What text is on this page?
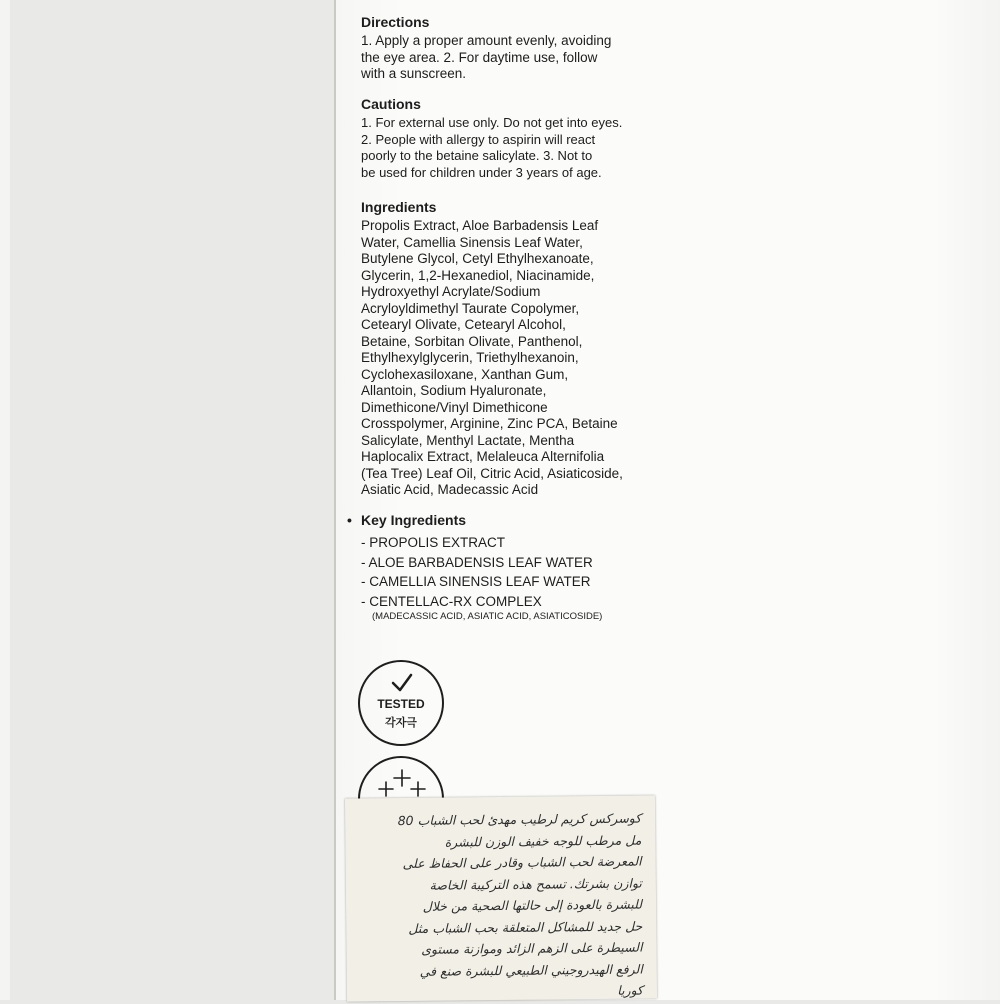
Directions

1. Apply a proper amount evenly, avoiding
the eye area. 2. For daytime use, follow
with a sunscreen.

Cautions

1. For external use only. Do not get into eyes.
2. People with allergy to aspirin will react
poorly to the betaine salicylate. 3. Not to
be used for children under 3 years of age.

Ingredients

Propolis Extract, Aloe Barbadensis Leaf
Water, Camellia Sinensis Leaf Water,
Butylene Glycol, Cetyl Ethylhexanoate,
Glycerin, 1,2-Hexanediol, Niacinamide,
Hydroxyethyl Acrylate/Sodium
Acryloyldimethyl Taurate Copolymer,
Cetearyl Olivate, Cetearyl Alcohol,
Betaine, Sorbitan Olivate, Panthenol,
Ethylhexylglycerin, Triethylhexanoin,
Cyclohexasiloxane, Xanthan Gum,
Allantoin, Sodium Hyaluronate,
Dimethicone/Vinyl Dimethicone
Crosspolymer, Arginine, Zinc PCA, Betaine
Salicylate, Menthyl Lactate, Mentha
Haplocalix Extract, Melaleuca Alternifolia
(Tea Tree) Leaf Oil, Citric Acid, Asiaticoside,
Asiatic Acid, Madecassic Acid

• Key Ingredients

- PROPOLIS EXTRACT
- ALOE BARBADENSIS LEAF WATER
- CAMELLIA SINENSIS LEAF WATER
- CENTELLAC-RX COMPLEX

(MADECASSIC ACID, ASIATIC ACID, ASIATICOSIDE)

TESTED
각자극
كوسركس كريم لرطيب مهدئ لحب الشباب 80
مل مرطب للوجه خفيف الوزن للبشرة
المعرضة لحب الشباب وقادر على الحفاظ على
توازن بشرتك. تسمح هذه التركيبة الخاصة
للبشرة بالعودة إلى حالتها الصحية من خلال
حل جديد للمشاكل المتعلقة بحب الشباب مثل
السيطرة على الزهم الزائد وموازنة مستوى
الرفع الهيدروجيني الطبيعي للبشرة صنع في
كوريا
